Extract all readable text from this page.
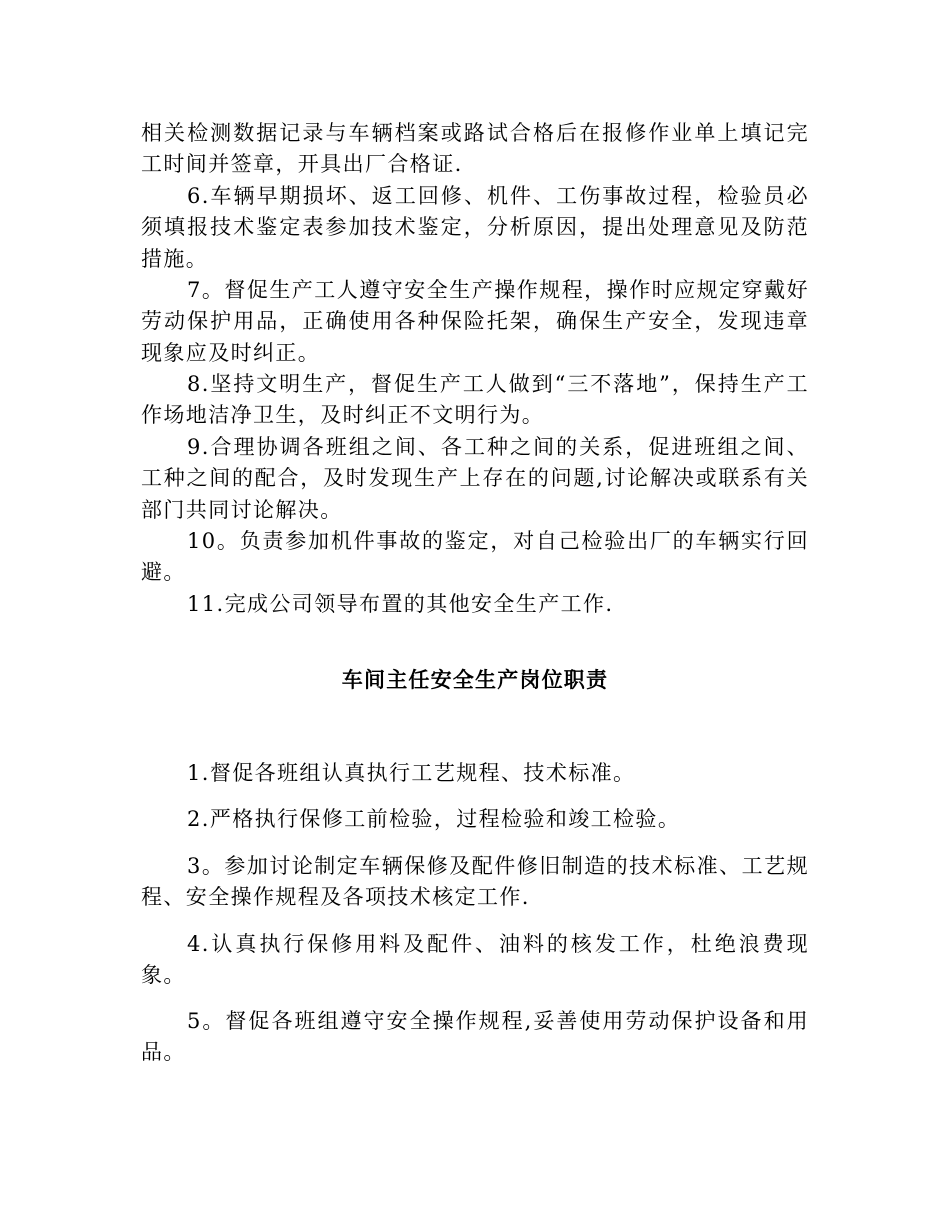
相关检测数据记录与车辆档案或路试合格后在报修作业单上填记完工时间并签章，开具出厂合格证.

6.车辆早期损坏、返工回修、机件、工伤事故过程，检验员必须填报技术鉴定表参加技术鉴定，分析原因，提出处理意见及防范措施。

7。督促生产工人遵守安全生产操作规程，操作时应规定穿戴好劳动保护用品，正确使用各种保险托架，确保生产安全，发现违章现象应及时纠正。

8.坚持文明生产，督促生产工人做到“三不落地”，保持生产工作场地洁净卫生，及时纠正不文明行为。

9.合理协调各班组之间、各工种之间的关系，促进班组之间、工种之间的配合，及时发现生产上存在的问题,讨论解决或联系有关部门共同讨论解决。

10。负责参加机件事故的鉴定，对自己检验出厂的车辆实行回避。

11.完成公司领导布置的其他安全生产工作.

车间主任安全生产岗位职责

1.督促各班组认真执行工艺规程、技术标准。

2.严格执行保修工前检验，过程检验和竣工检验。

3。参加讨论制定车辆保修及配件修旧制造的技术标准、工艺规程、安全操作规程及各项技术核定工作.

4.认真执行保修用料及配件、油料的核发工作，杜绝浪费现象。

5。督促各班组遵守安全操作规程,妥善使用劳动保护设备和用品。
